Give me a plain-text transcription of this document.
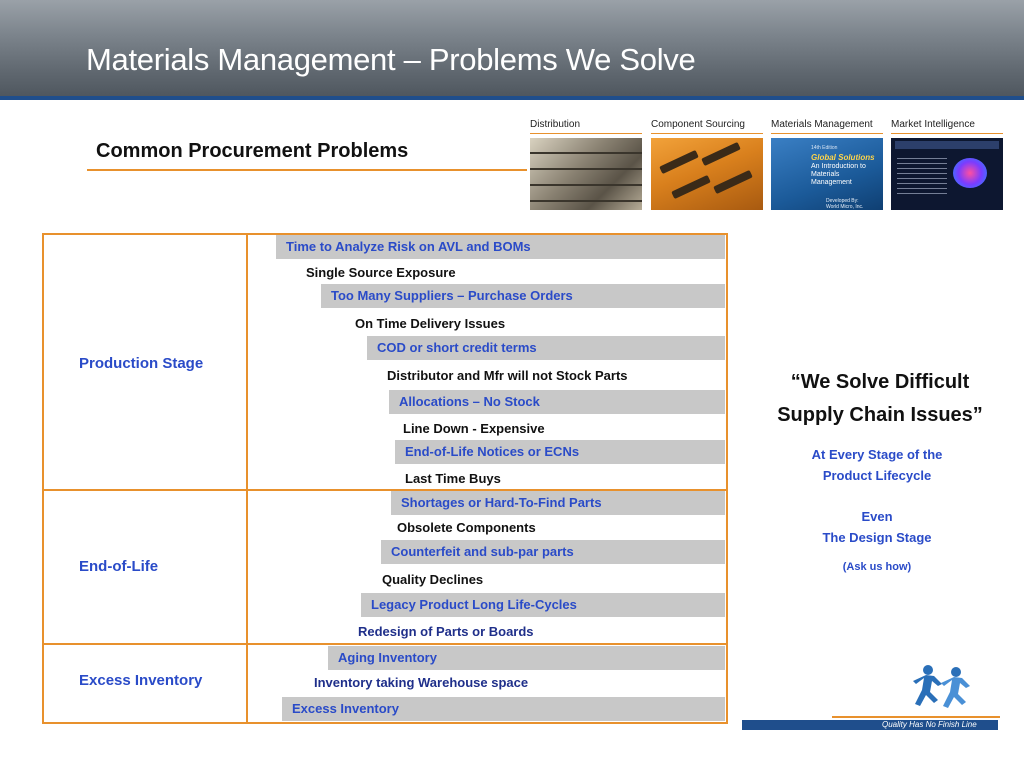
Materials Management – Problems We Solve
Common Procurement Problems
Distribution	Component Sourcing	Materials Management
14th Edition
Global Solutions
An Introduction to
Materials
Management
Developed By:
World Micro, Inc.
Market Intelligence
Production Stage
End-of-Life
Excess Inventory
Time to Analyze Risk on AVL and BOMs
Single Source Exposure
Too Many Suppliers – Purchase Orders
On Time Delivery Issues
COD or short credit terms
Distributor and Mfr will not Stock Parts
Allocations – No Stock
Line Down - Expensive
End-of-Life Notices or ECNs
Last Time Buys
Shortages or Hard-To-Find Parts
Obsolete Components
Counterfeit and sub-par parts
Quality Declines
Legacy Product Long Life-Cycles
Redesign of Parts or Boards
Aging Inventory
Inventory taking Warehouse space
Excess Inventory
“We Solve Difficult
Supply Chain Issues”
At Every Stage of the
Product Lifecycle
Even
The Design Stage
(Ask us how)
Quality Has No Finish Line
